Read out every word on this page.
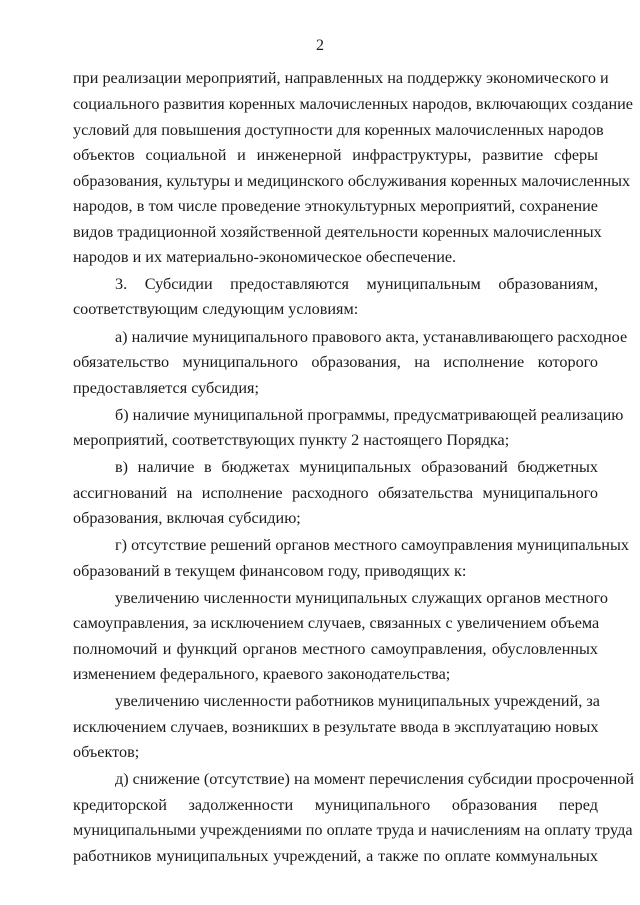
2
при реализации мероприятий, направленных на поддержку экономического и
социального развития коренных малочисленных народов, включающих создание
условий для повышения доступности для коренных малочисленных народов
объектов социальной и инженерной инфраструктуры, развитие сферы
образования, культуры и медицинского обслуживания коренных малочисленных
народов, в том числе проведение этнокультурных мероприятий, сохранение
видов традиционной хозяйственной деятельности коренных малочисленных
народов и их материально-экономическое обеспечение.
3. Субсидии предоставляются муниципальным образованиям,
соответствующим следующим условиям:
а) наличие муниципального правового акта, устанавливающего расходное
обязательство муниципального образования, на исполнение которого
предоставляется субсидия;
б) наличие муниципальной программы, предусматривающей реализацию
мероприятий, соответствующих пункту 2 настоящего Порядка;
в) наличие в бюджетах муниципальных образований бюджетных
ассигнований на исполнение расходного обязательства муниципального
образования, включая субсидию;
г) отсутствие решений органов местного самоуправления муниципальных
образований в текущем финансовом году, приводящих к:
увеличению численности муниципальных служащих органов местного
самоуправления, за исключением случаев, связанных с увеличением объема
полномочий и функций органов местного самоуправления, обусловленных
изменением федерального, краевого законодательства;
увеличению численности работников муниципальных учреждений, за
исключением случаев, возникших в результате ввода в эксплуатацию новых
объектов;
д) снижение (отсутствие) на момент перечисления субсидии просроченной
кредиторской задолженности муниципального образования перед
муниципальными учреждениями по оплате труда и начислениям на оплату труда
работников муниципальных учреждений, а также по оплате коммунальных
